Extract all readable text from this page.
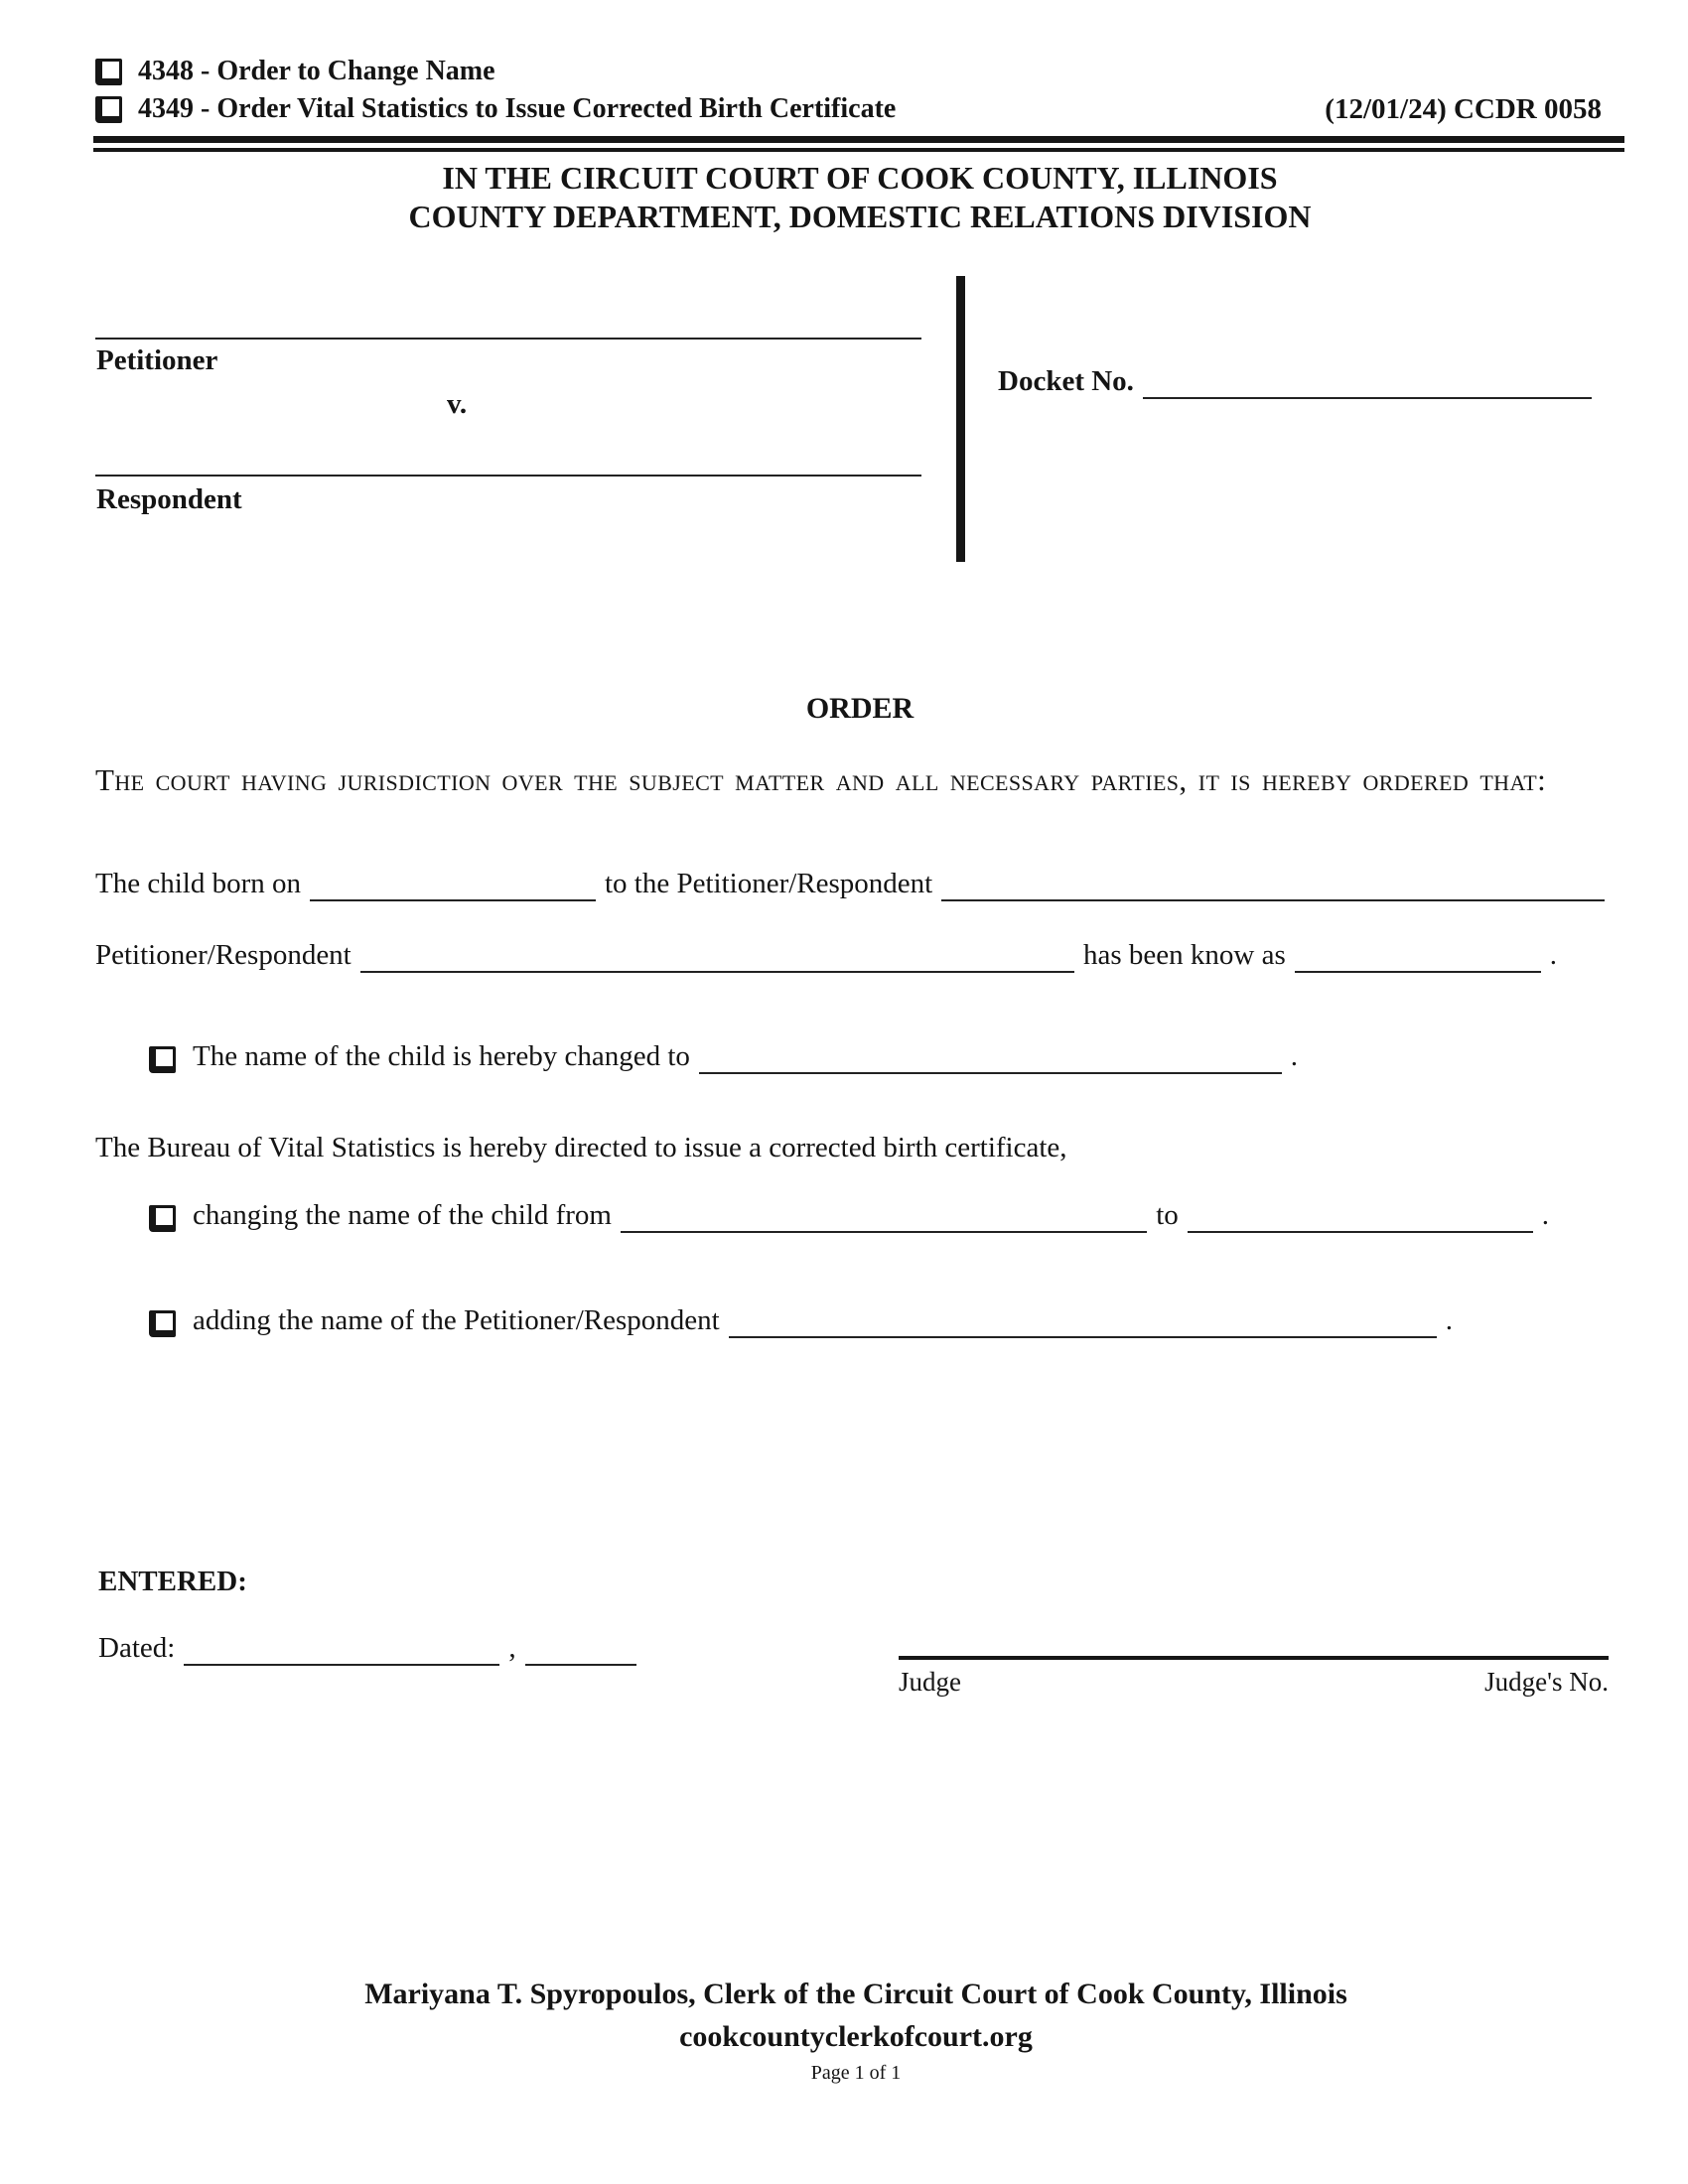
4348 - Order to Change Name
4349 - Order Vital Statistics to Issue Corrected Birth Certificate	(12/01/24) CCDR 0058
IN THE CIRCUIT COURT OF COOK COUNTY, ILLINOIS
COUNTY DEPARTMENT, DOMESTIC RELATIONS DIVISION
Petitioner
v.
Respondent
Docket No.
ORDER
The court having jurisdiction over the subject matter and all necessary parties, it is hereby ordered that:
The child born on	to the Petitioner/Respondent
Petitioner/Respondent	has been know as	.
The name of the child is hereby changed to	.
The Bureau of Vital Statistics is hereby directed to issue a corrected birth certificate,
changing the name of the child from	to	.
adding the name of the Petitioner/Respondent	.
ENTERED:
Dated:	,
Judge	Judge's No.
Mariyana T. Spyropoulos, Clerk of the Circuit Court of Cook County, Illinois
cookcountyclerkofcourt.org
Page 1 of 1
